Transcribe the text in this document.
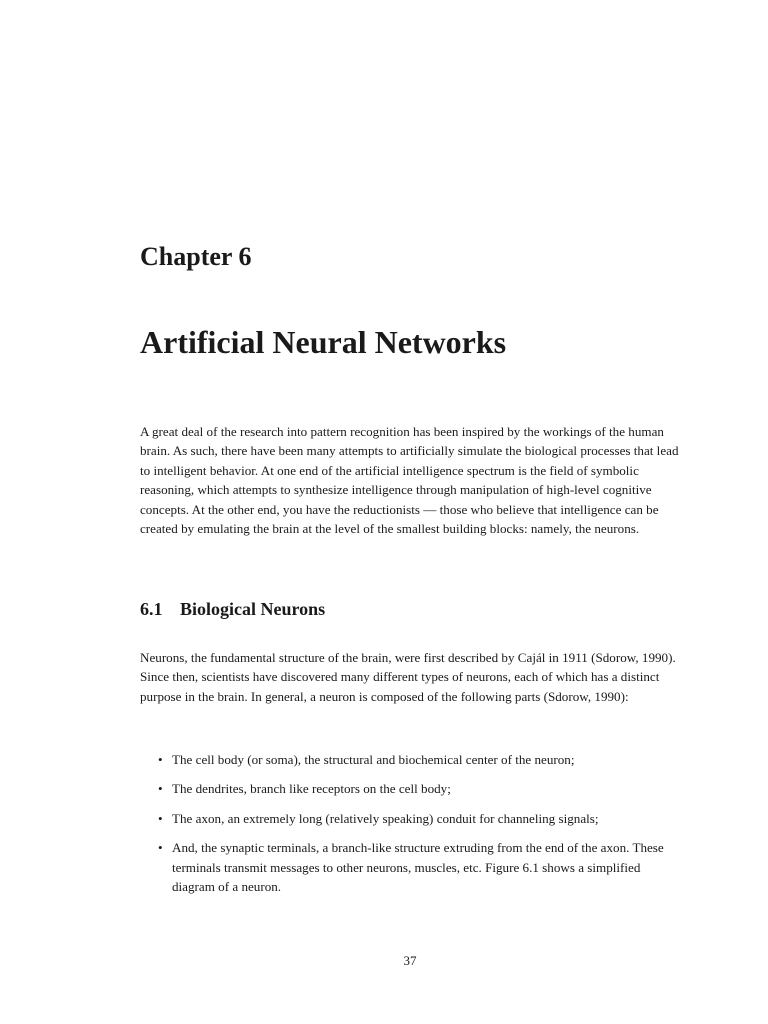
Chapter 6
Artificial Neural Networks

A great deal of the research into pattern recognition has been inspired by the workings of the human brain. As such, there have been many attempts to artificially simulate the biological processes that lead to intelligent behavior. At one end of the artificial intelligence spectrum is the field of symbolic reasoning, which attempts to synthesize intelligence through manipulation of high-level cognitive concepts. At the other end, you have the reductionists — those who believe that intelligence can be created by emulating the brain at the level of the smallest building blocks: namely, the neurons.

6.1 Biological Neurons

Neurons, the fundamental structure of the brain, were first described by Cajál in 1911 (Sdorow, 1990). Since then, scientists have discovered many different types of neurons, each of which has a distinct purpose in the brain. In general, a neuron is composed of the following parts (Sdorow, 1990):

• The cell body (or soma), the structural and biochemical center of the neuron;
• The dendrites, branch like receptors on the cell body;
• The axon, an extremely long (relatively speaking) conduit for channeling signals;
• And, the synaptic terminals, a branch-like structure extruding from the end of the axon. These terminals transmit messages to other neurons, muscles, etc. Figure 6.1 shows a simplified diagram of a neuron.

37
